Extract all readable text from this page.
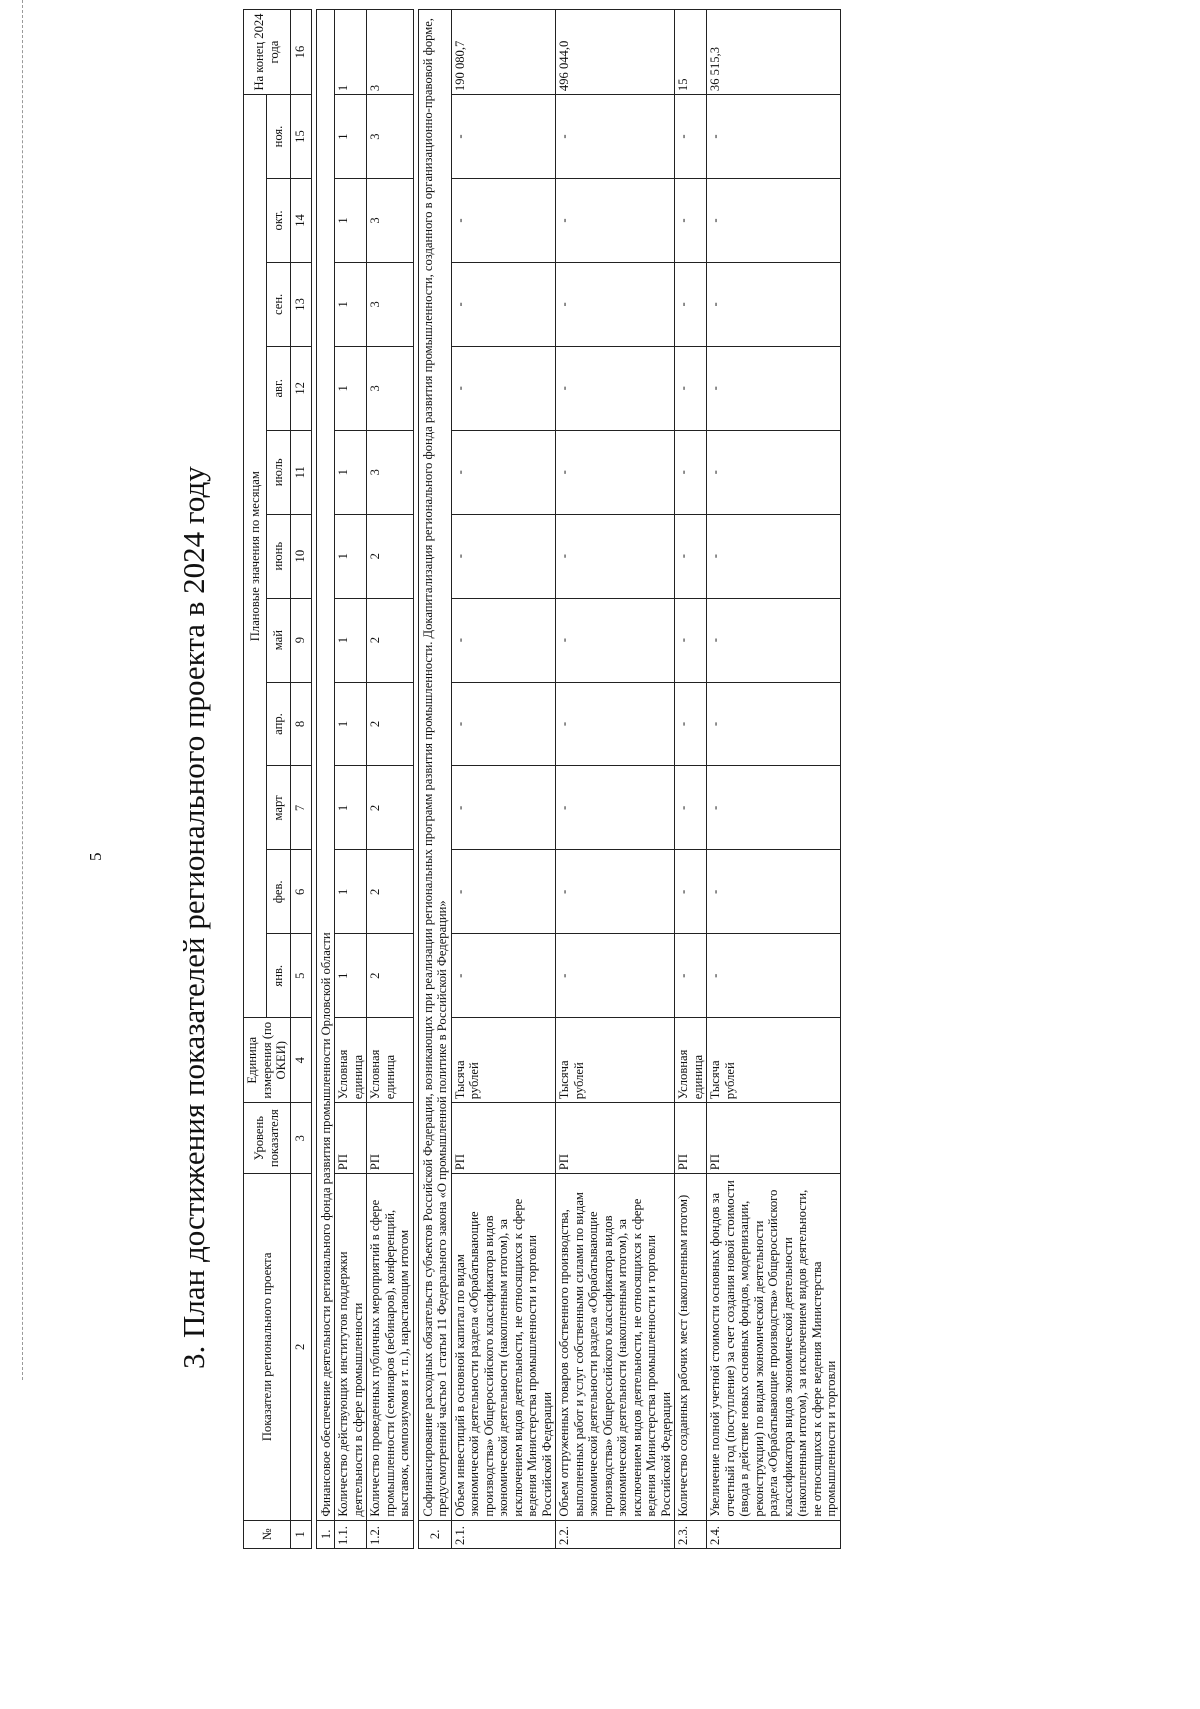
5 3. План достижения показателей регионального проекта в 2024 году
№	Показатели регионального проекта	Уровень показателя	Единица измерения (по ОКЕИ)	Плановые значения по месяцам											На конец 2024 года
				янв.	фев.	март	апр.	май	июнь	июль	авг.	сен.	окт.	ноя.	
1	2	3	4	5	6	7	8	9	10	11	12	13	14	15	16

1.	Финансовое обеспечение деятельности регионального фонда развития промышленности Орловской области														
1.1.	Количество действующих институтов поддержки деятельности в сфере промышленности	РП	Условная единица	1	1	1	1	1	1	1	1	1	1	1	1
1.2.	Количество проведенных публичных мероприятий в сфере промышленности (семинаров (вебинаров), конференций, выставок, симпозиумов и т. п.), нарастающим итогом	РП	Условная единица	2	2	2	2	2	2	3	3	3	3	3	3

2.	Софинансирование расходных обязательств субъектов Российской Федерации, возникающих при реализации региональных программ развития промышленности. Докапитализация регионального фонда развития промышленности, созданного в организационно-правовой форме, предусмотренной частью 1 статьи 11 Федерального закона «О промышленной политике в Российской Федерации»														
2.1.	Объем инвестиций в основной капитал по видам экономической деятельности раздела «Обрабатывающие производства» Общероссийского классификатора видов экономической деятельности (накопленным итогом), за исключением видов деятельности, не относящихся к сфере ведения Министерства промышленности и торговли Российской Федерации	РП	Тысяча рублей	-	-	-	-	-	-	-	-	-	-	-	190 080,7
2.2.	Объем отгруженных товаров собственного производства, выполненных работ и услуг собственными силами по видам экономической деятельности раздела «Обрабатывающие производства» Общероссийского классификатора видов экономической деятельности (накопленным итогом), за исключением видов деятельности, не относящихся к сфере ведения Министерства промышленности и торговли Российской Федерации	РП	Тысяча рублей	-	-	-	-	-	-	-	-	-	-	-	496 044,0
2.3.	Количество созданных рабочих мест (накопленным итогом)	РП	Условная единица	-	-	-	-	-	-	-	-	-	-	-	15
2.4.	Увеличение полной учетной стоимости основных фондов за отчетный год (поступление) за счет создания новой стоимости (ввода в действие новых основных фондов, модернизации, реконструкции) по видам экономической деятельности раздела «Обрабатывающие производства» Общероссийского классификатора видов экономической деятельности (накопленным итогом), за исключением видов деятельности, не относящихся к сфере ведения Министерства промышленности и торговли	РП	Тысяча рублей	-	-	-	-	-	-	-	-	-	-	-	36 515,3
